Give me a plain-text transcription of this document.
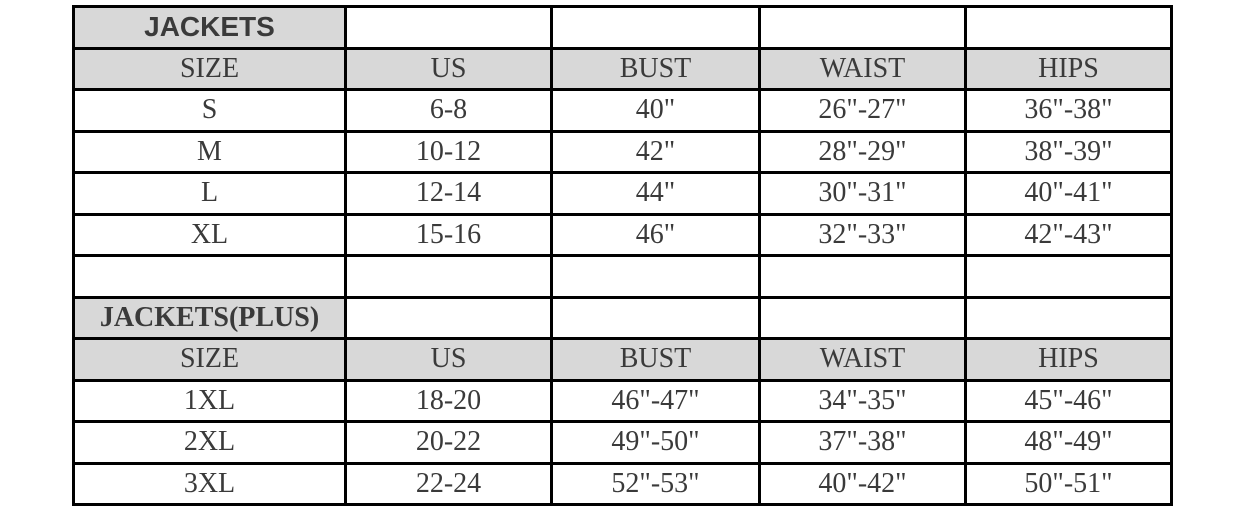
JACKETS				
SIZE	US	BUST	WAIST	HIPS
S	6-8	40"	26"-27"	36"-38"
M	10-12	42"	28"-29"	38"-39"
L	12-14	44"	30"-31"	40"-41"
XL	15-16	46"	32"-33"	42"-43"

JACKETS(PLUS)				
SIZE	US	BUST	WAIST	HIPS
1XL	18-20	46"-47"	34"-35"	45"-46"
2XL	20-22	49"-50"	37"-38"	48"-49"
3XL	22-24	52"-53"	40"-42"	50"-51"
